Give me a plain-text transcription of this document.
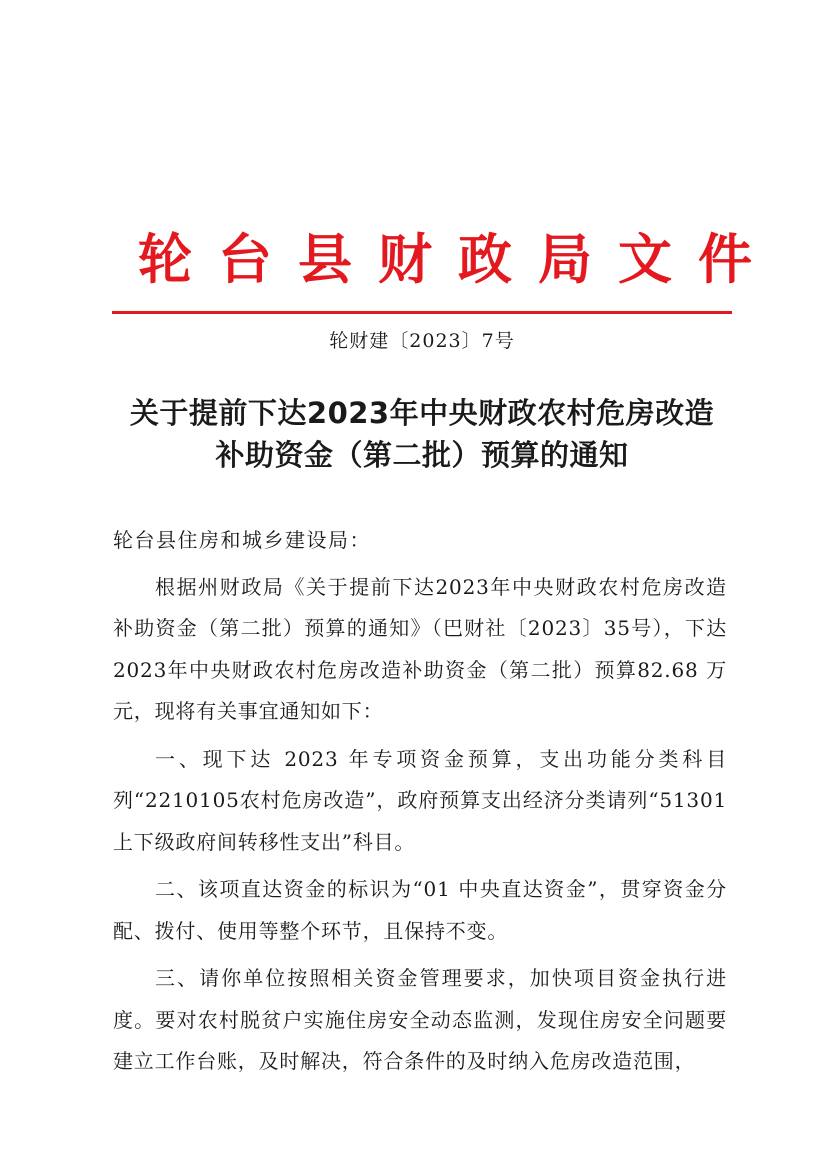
轮台县财政局文件
轮财建〔2023〕7号
关于提前下达2023年中央财政农村危房改造
补助资金（第二批）预算的通知

轮台县住房和城乡建设局：

根据州财政局《关于提前下达2023年中央财政农村危房改造补助资金（第二批）预算的通知》（巴财社〔2023〕35号），下达2023年中央财政农村危房改造补助资金（第二批）预算82.68 万元，现将有关事宜通知如下：

一、现下达 2023 年专项资金预算，支出功能分类科目列“2210105农村危房改造”，政府预算支出经济分类请列“51301上下级政府间转移性支出”科目。

二、该项直达资金的标识为“01 中央直达资金”，贯穿资金分配、拨付、使用等整个环节，且保持不变。

三、请你单位按照相关资金管理要求，加快项目资金执行进度。要对农村脱贫户实施住房安全动态监测，发现住房安全问题要建立工作台账，及时解决，符合条件的及时纳入危房改造范围，
